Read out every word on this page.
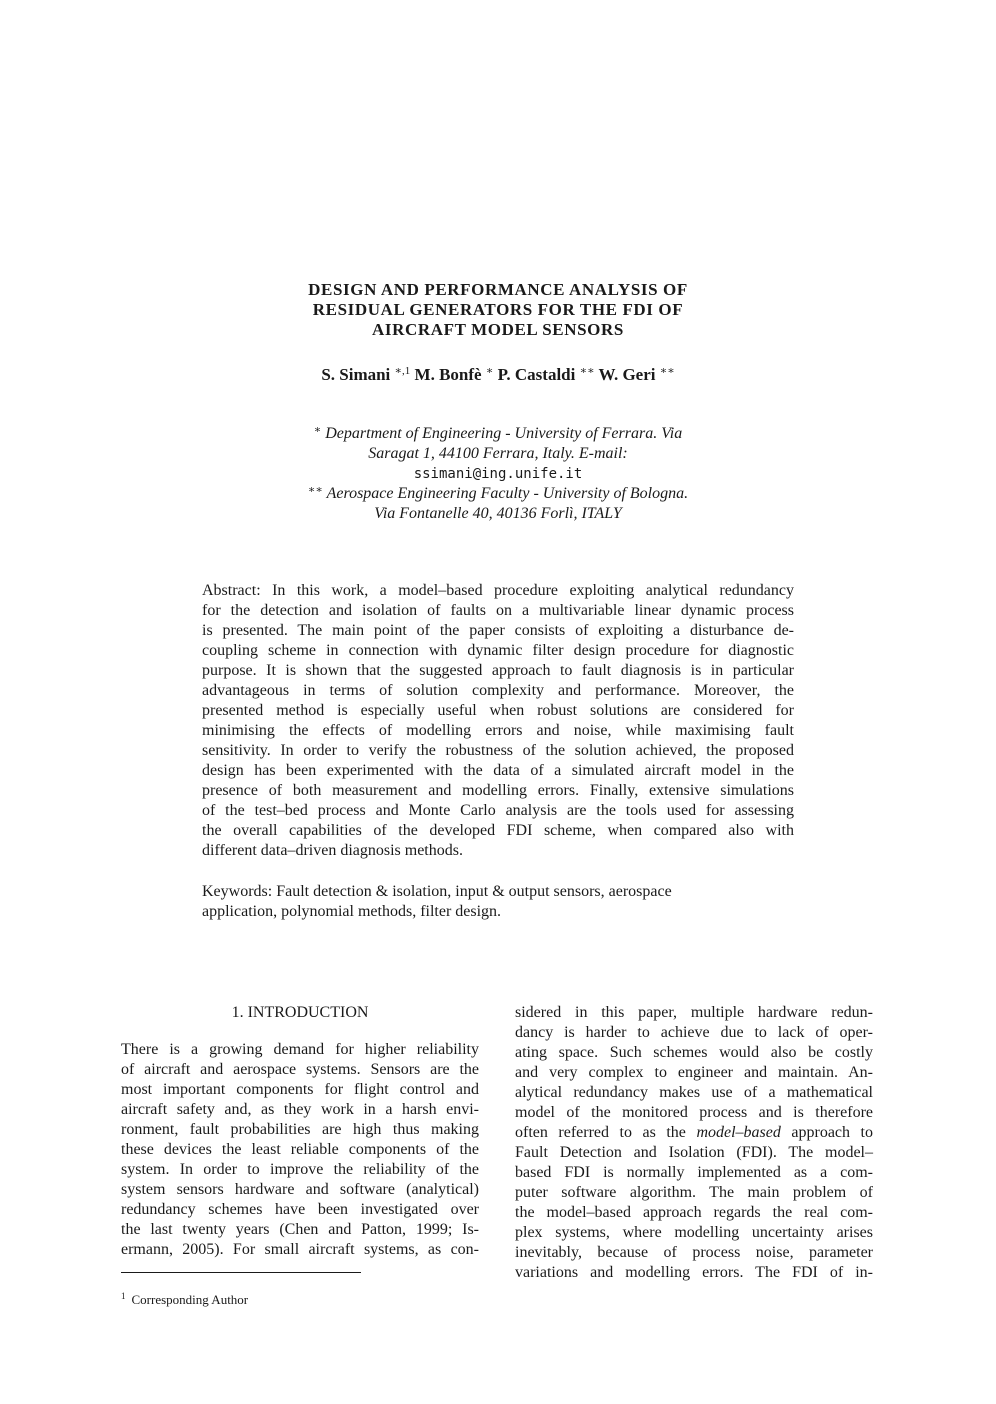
DESIGN AND PERFORMANCE ANALYSIS OF
RESIDUAL GENERATORS FOR THE FDI OF
AIRCRAFT MODEL SENSORS
S. Simani $^{∗,1}$ M. Bonfè ∗ P. Castaldi ∗∗ W. Geri ∗∗
∗ Department of Engineering - University of Ferrara. Via
Saragat 1, 44100 Ferrara, Italy. E-mail:
ssimani@ing.unife.it
∗∗ Aerospace Engineering Faculty - University of Bologna.
Via Fontanelle 40, 40136 Forlì, ITALY
Abstract: In this work, a model–based procedure exploiting analytical redundancy
for the detection and isolation of faults on a multivariable linear dynamic process
is presented. The main point of the paper consists of exploiting a disturbance de-
coupling scheme in connection with dynamic filter design procedure for diagnostic
purpose. It is shown that the suggested approach to fault diagnosis is in particular
advantageous in terms of solution complexity and performance. Moreover, the
presented method is especially useful when robust solutions are considered for
minimising the effects of modelling errors and noise, while maximising fault
sensitivity. In order to verify the robustness of the solution achieved, the proposed
design has been experimented with the data of a simulated aircraft model in the
presence of both measurement and modelling errors. Finally, extensive simulations
of the test–bed process and Monte Carlo analysis are the tools used for assessing
the overall capabilities of the developed FDI scheme, when compared also with
different data–driven diagnosis methods.
Keywords: Fault detection & isolation, input & output sensors, aerospace
application, polynomial methods, filter design.
1. INTRODUCTION
There is a growing demand for higher reliability
of aircraft and aerospace systems. Sensors are the
most important components for flight control and
aircraft safety and, as they work in a harsh envi-
ronment, fault probabilities are high thus making
these devices the least reliable components of the
system. In order to improve the reliability of the
system sensors hardware and software (analytical)
redundancy schemes have been investigated over
the last twenty years (Chen and Patton, 1999; Is-
ermann, 2005). For small aircraft systems, as con-
sidered in this paper, multiple hardware redun-
dancy is harder to achieve due to lack of oper-
ating space. Such schemes would also be costly
and very complex to engineer and maintain. An-
alytical redundancy makes use of a mathematical
model of the monitored process and is therefore
often referred to as the model–based approach to
Fault Detection and Isolation (FDI). The model–
based FDI is normally implemented as a com-
puter software algorithm. The main problem of
the model–based approach regards the real com-
plex systems, where modelling uncertainty arises
inevitably, because of process noise, parameter
variations and modelling errors. The FDI of in-
$^1$ Corresponding Author
